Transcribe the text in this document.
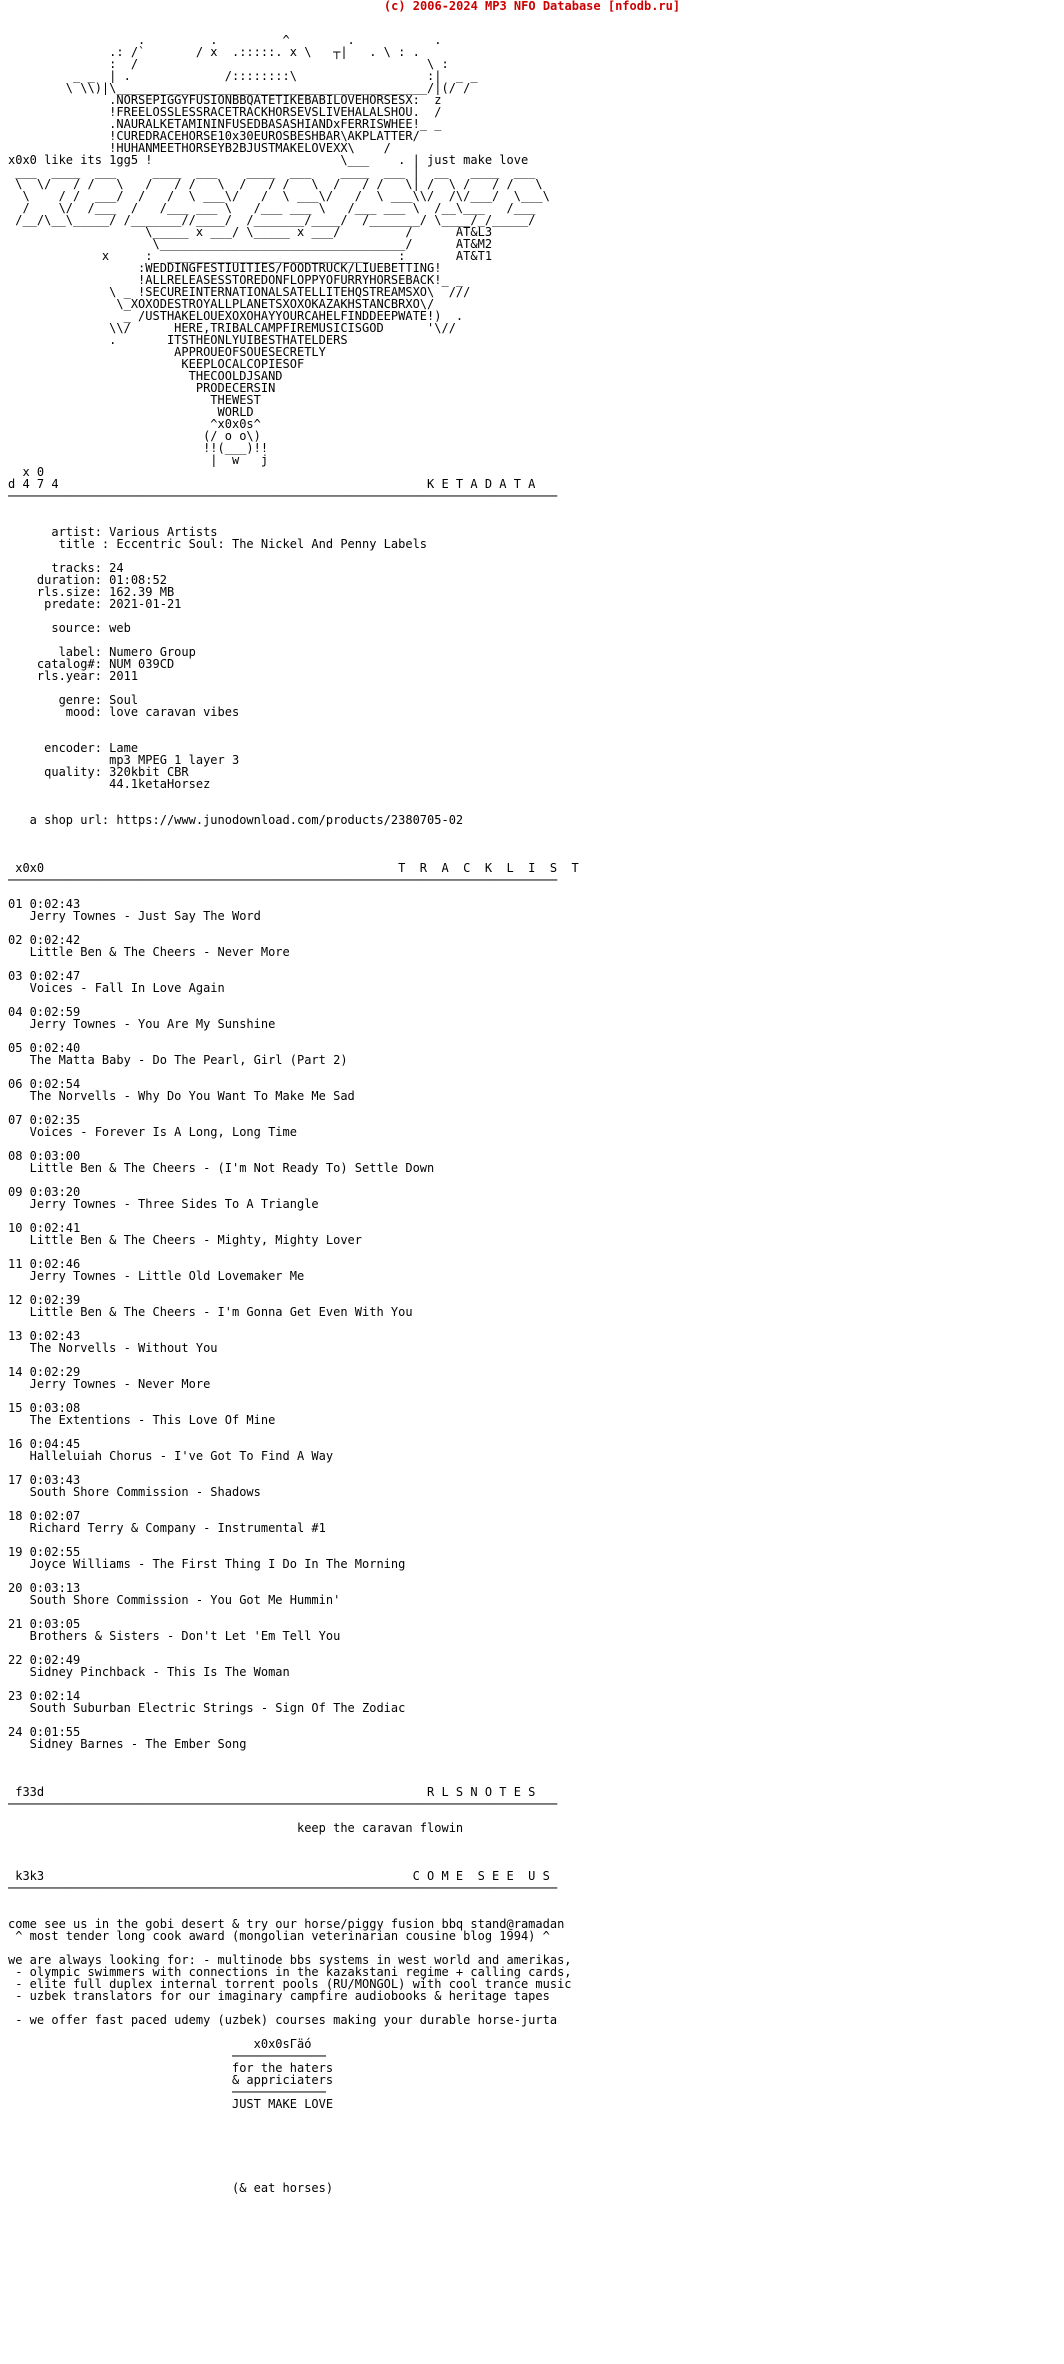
(c) 2006-2024 MP3 NFO Database [nfodb.ru]
.         .         ^        .           .
.: /`       / x  .:::::. x \   ┬|   . \ : .
:  /                                        \ :
_ _  | .             /::::::::\                  :|  _ _
\ \\)|\___________________________________________/|(/ /
.NORSEPIGGYFUSIONBBQATETIKEBABILOVEHORSESX:  z
!FREELOSSLESSRACETRACKHORSEVSLIVEHALALSHOU.  /
.NAURALKETAMININFUSEDBASASHIANDxFERRISWHEE!_ _
!CUREDRACEHORSE10x30EUROSBESHBAR\AKPLATTER/
!HUHANMEETHORSEYB2BJUSTMAKELOVEXX\    /
x0x0 like its 1gg5 !                          \___    . | just make love
___  ____  ___     ____  ___    ____  ___    ____  ___ |  __   ____  ___
\  \/   / /   \   /   / /   \  /   / /   \  /   / /   \| /  \ /   / /   \
\    / /  ___/  /   /  \ ___\/   /  \ ___\/   /  \ ___\\/  /\/___/  \___\
/    \/  /___  /   /___ ___ \   /___ ___ \   /___ ___ \  /__\___   /___
/__/\__\_____/ /_______//____/  /_______/____/  /_______/ \____/_/_____/
\_____ x ___/ \_____ x ___/         /      AT&L3
\__________________________________/      AT&M2
x     :  ____________________________    :       AT&T1
:WEDDINGFESTIUITIES/FOODTRUCK/LIUEBETTING!
!ALLRELEASESSTOREDONFLOPPYOFURRYHORSEBACK!_ _
\ _ !SECUREINTERNATIONALSATELLITEHQSTREAMSXO\  ///
\_XOXODESTROYALLPLANETSXOXOKAZAKHSTANCBRXO\/
_ /USTHAKELOUEXOXOHAYYOURCAHELFINDDEEPWATE!)  .
\\/      HERE,TRIBALCAMPFIREMUSICISGOD      '\//
.       ITSTHEONLYUIBESTHATELDERS
APPROUEOFSOUESECRETLY
KEEPLOCALCOPIESOF
THECOOLDJSAND
PRODECERSIN
THEWEST
WORLD
^x0x0s^
(/ o o\)
!!(___)!!
|  w   j
x 0
d 4 7 4                                                   K E T A D A T A
────────────────────────────────────────────────────────────────────────────

artist: Various Artists
title : Eccentric Soul: The Nickel And Penny Labels

tracks: 24
duration: 01:08:52
rls.size: 162.39 MB
predate: 2021-01-21

source: web

label: Numero Group
catalog#: NUM 039CD
rls.year: 2011

genre: Soul
mood: love caravan vibes

encoder: Lame
mp3 MPEG 1 layer 3
quality: 320kbit CBR
44.1ketaHorsez

a shop url: https://www.junodownload.com/products/2380705-02

x0x0                                                 T  R  A  C  K  L  I  S  T
────────────────────────────────────────────────────────────────────────────

01 0:02:43
Jerry Townes - Just Say The Word

02 0:02:42
Little Ben & The Cheers - Never More

03 0:02:47
Voices - Fall In Love Again

04 0:02:59
Jerry Townes - You Are My Sunshine

05 0:02:40
The Matta Baby - Do The Pearl, Girl (Part 2)

06 0:02:54
The Norvells - Why Do You Want To Make Me Sad

07 0:02:35
Voices - Forever Is A Long, Long Time

08 0:03:00
Little Ben & The Cheers - (I'm Not Ready To) Settle Down

09 0:03:20
Jerry Townes - Three Sides To A Triangle

10 0:02:41
Little Ben & The Cheers - Mighty, Mighty Lover

11 0:02:46
Jerry Townes - Little Old Lovemaker Me

12 0:02:39
Little Ben & The Cheers - I'm Gonna Get Even With You

13 0:02:43
The Norvells - Without You

14 0:02:29
Jerry Townes - Never More

15 0:03:08
The Extentions - This Love Of Mine

16 0:04:45
Halleluiah Chorus - I've Got To Find A Way

17 0:03:43
South Shore Commission - Shadows

18 0:02:07
Richard Terry & Company - Instrumental #1

19 0:02:55
Joyce Williams - The First Thing I Do In The Morning

20 0:03:13
South Shore Commission - You Got Me Hummin'

21 0:03:05
Brothers & Sisters - Don't Let 'Em Tell You

22 0:02:49
Sidney Pinchback - This Is The Woman

23 0:02:14
South Suburban Electric Strings - Sign Of The Zodiac

24 0:01:55
Sidney Barnes - The Ember Song

f33d                                                     R L S N O T E S
────────────────────────────────────────────────────────────────────────────

keep the caravan flowin

k3k3                                                   C O M E  S E E  U S
────────────────────────────────────────────────────────────────────────────

come see us in the gobi desert & try our horse/piggy fusion bbq stand@ramadan
^ most tender long cook award (mongolian veterinarian cousine blog 1994) ^

we are always looking for: - multinode bbs systems in west world and amerikas,
- olympic swimmers with connections in the kazakstani regime + calling cards,
- elite full duplex internal torrent pools (RU/MONGOL) with cool trance music
- uzbek translators for our imaginary campfire audiobooks & heritage tapes

- we offer fast paced udemy (uzbek) courses making your durable horse-jurta

x0x0sГäó
─────────────
for the haters
& appriciaters
─────────────
JUST MAKE LOVE

(& eat horses)
